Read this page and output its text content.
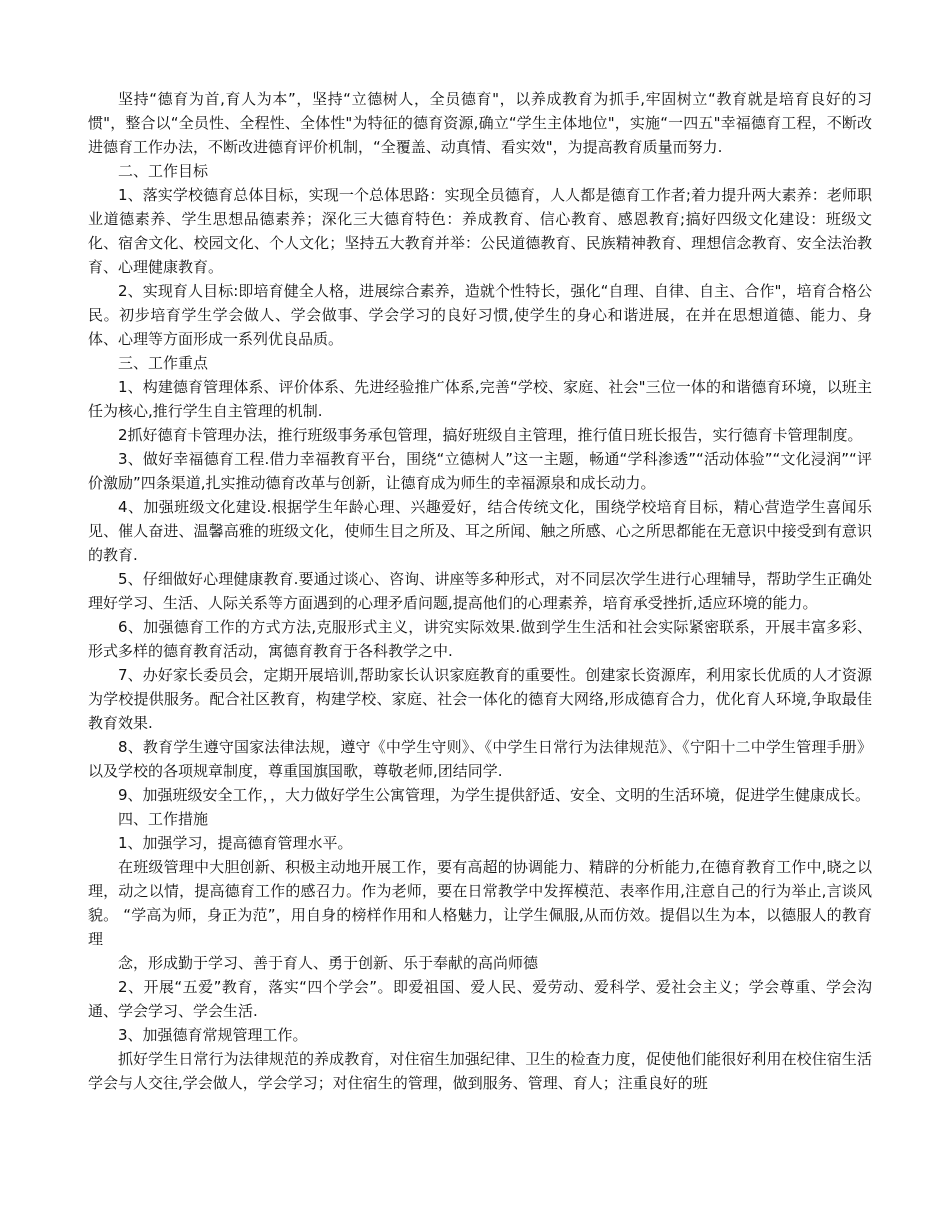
坚持“德育为首,育人为本”，坚持“立德树人，全员德育"，以养成教育为抓手,牢固树立“教育就是培育良好的习惯"，整合以“全员性、全程性、全体性"为特征的德育资源,确立“学生主体地位"，实施“一四五"幸福德育工程，不断改进德育工作办法，不断改进德育评价机制，“全覆盖、动真情、看实效"，为提高教育质量而努力.

二、工作目标

1、落实学校德育总体目标，实现一个总体思路：实现全员德育，人人都是德育工作者;着力提升两大素养：老师职业道德素养、学生思想品德素养；深化三大德育特色：养成教育、信心教育、感恩教育;搞好四级文化建设：班级文化、宿舍文化、校园文化、个人文化；坚持五大教育并举：公民道德教育、民族精神教育、理想信念教育、安全法治教育、心理健康教育。

2、实现育人目标:即培育健全人格，进展综合素养，造就个性特长，强化“自理、自律、自主、合作"，培育合格公民。初步培育学生学会做人、学会做事、学会学习的良好习惯,使学生的身心和谐进展，在并在思想道德、能力、身体、心理等方面形成一系列优良品质。

三、工作重点

1、构建德育管理体系、评价体系、先进经验推广体系,完善“学校、家庭、社会"三位一体的和谐德育环境，以班主任为核心,推行学生自主管理的机制.

2抓好德育卡管理办法，推行班级事务承包管理，搞好班级自主管理，推行值日班长报告，实行德育卡管理制度。

3、做好幸福德育工程.借力幸福教育平台，围绕“立德树人”这一主题，畅通“学科渗透”“活动体验”“文化浸润”“评价激励”四条渠道,扎实推动德育改革与创新，让德育成为师生的幸福源泉和成长动力。

4、加强班级文化建设.根据学生年龄心理、兴趣爱好，结合传统文化，围绕学校培育目标，精心营造学生喜闻乐见、催人奋进、温馨高雅的班级文化，使师生目之所及、耳之所闻、触之所感、心之所思都能在无意识中接受到有意识的教育.

5、仔细做好心理健康教育.要通过谈心、咨询、讲座等多种形式，对不同层次学生进行心理辅导，帮助学生正确处理好学习、生活、人际关系等方面遇到的心理矛盾问题,提高他们的心理素养，培育承受挫折,适应环境的能力。

6、加强德育工作的方式方法,克服形式主义，讲究实际效果.做到学生生活和社会实际紧密联系，开展丰富多彩、形式多样的德育教育活动，寓德育教育于各科教学之中.

7、办好家长委员会，定期开展培训,帮助家长认识家庭教育的重要性。创建家长资源库，利用家长优质的人才资源为学校提供服务。配合社区教育，构建学校、家庭、社会一体化的德育大网络,形成德育合力，优化育人环境,争取最佳教育效果.

8、教育学生遵守国家法律法规，遵守《中学生守则》、《中学生日常行为法律规范》、《宁阳十二中学生管理手册》以及学校的各项规章制度，尊重国旗国歌，尊敬老师,团结同学.

9、加强班级安全工作，，大力做好学生公寓管理，为学生提供舒适、安全、文明的生活环境，促进学生健康成长。

四、工作措施

1、加强学习，提高德育管理水平。

在班级管理中大胆创新、积极主动地开展工作，要有高超的协调能力、精辟的分析能力,在德育教育工作中,晓之以理，动之以情，提高德育工作的感召力。作为老师，要在日常教学中发挥模范、表率作用,注意自己的行为举止,言谈风貌。 “学高为师，身正为范”，用自身的榜样作用和人格魅力，让学生佩服,从而仿效。提倡以生为本，以德服人的教育理

念，形成勤于学习、善于育人、勇于创新、乐于奉献的高尚师德

2、开展“五爱”教育，落实“四个学会”。即爱祖国、爱人民、爱劳动、爱科学、爱社会主义；学会尊重、学会沟通、学会学习、学会生活.

3、加强德育常规管理工作。

抓好学生日常行为法律规范的养成教育，对住宿生加强纪律、卫生的检查力度，促使他们能很好利用在校住宿生活学会与人交往,学会做人，学会学习；对住宿生的管理，做到服务、管理、育人；注重良好的班
